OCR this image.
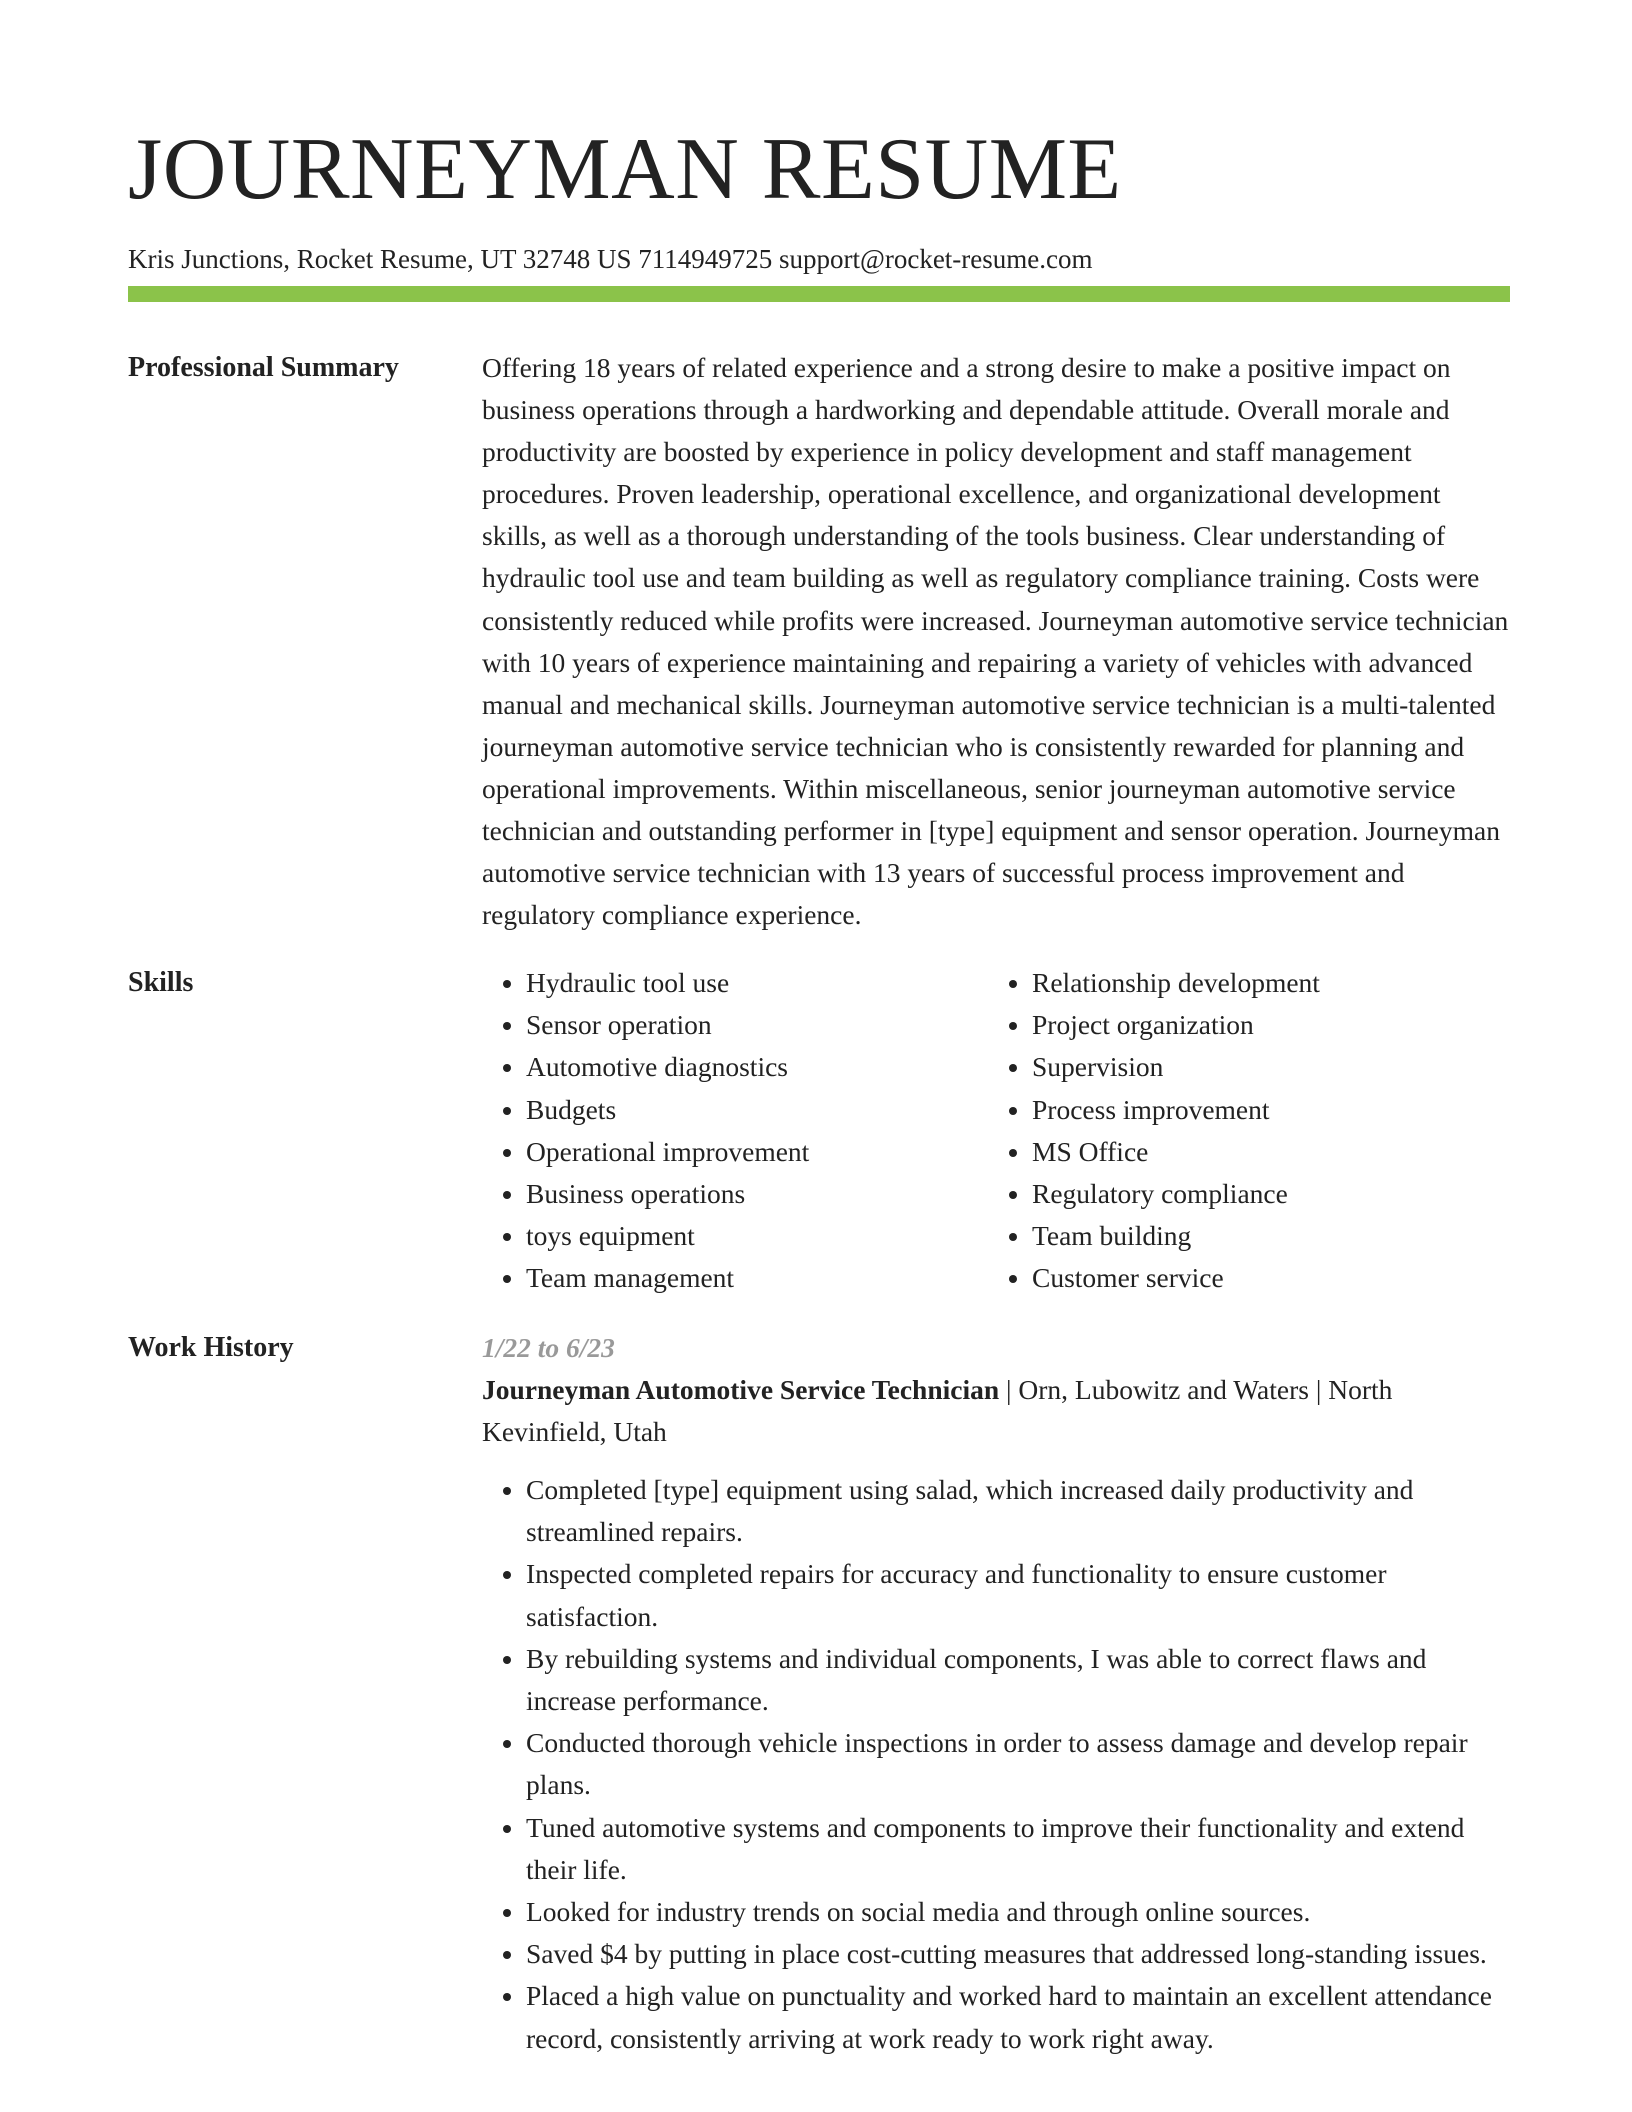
JOURNEYMAN RESUME
Kris Junctions, Rocket Resume, UT 32748 US 7114949725 support@rocket-resume.com
Professional Summary	Offering 18 years of related experience and a strong desire to make a positive impact on business operations through a hardworking and dependable attitude. Overall morale and productivity are boosted by experience in policy development and staff management procedures. Proven leadership, operational excellence, and organizational development skills, as well as a thorough understanding of the tools business. Clear understanding of hydraulic tool use and team building as well as regulatory compliance training. Costs were consistently reduced while profits were increased. Journeyman automotive service technician with 10 years of experience maintaining and repairing a variety of vehicles with advanced manual and mechanical skills. Journeyman automotive service technician is a multi-talented journeyman automotive service technician who is consistently rewarded for planning and operational improvements. Within miscellaneous, senior journeyman automotive service technician and outstanding performer in [type] equipment and sensor operation. Journeyman automotive service technician with 13 years of successful process improvement and regulatory compliance experience.

Skills
•	Hydraulic tool use
• Sensor operation
• Automotive diagnostics
• Budgets
• Operational improvement
• Business operations
• toys equipment
• Team management
• Relationship development
• Project organization
• Supervision
• Process improvement
• MS Office
• Regulatory compliance
• Team building
• Customer service
Work History	1/22 to 6/23
Journeyman Automotive Service Technician | Orn, Lubowitz and Waters | North Kevinfield, Utah
• Completed [type] equipment using salad, which increased daily productivity and streamlined repairs.
• Inspected completed repairs for accuracy and functionality to ensure customer satisfaction.
• By rebuilding systems and individual components, I was able to correct flaws and increase performance.
• Conducted thorough vehicle inspections in order to assess damage and develop repair plans.
• Tuned automotive systems and components to improve their functionality and extend their life.
• Looked for industry trends on social media and through online sources.
• Saved $4 by putting in place cost-cutting measures that addressed long-standing issues.
• Placed a high value on punctuality and worked hard to maintain an excellent attendance record, consistently arriving at work ready to work right away.
